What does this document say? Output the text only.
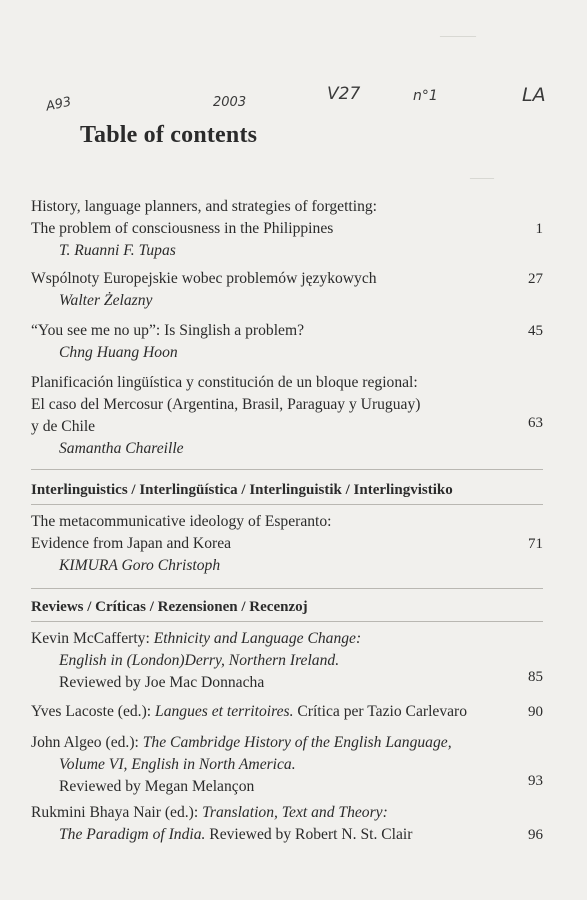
———
——
A93	2003	V27	n°1	LA
Table of contents
History, language planners, and strategies of forgetting:
The problem of consciousness in the Philippines
T. Ruanni F. Tupas
1
Wspólnoty Europejskie wobec problemów językowych
Walter Żelazny
27
“You see me no up”: Is Singlish a problem?
Chng Huang Hoon
45
Planificación lingüística y constitución de un bloque regional:
El caso del Mercosur (Argentina, Brasil, Paraguay y Uruguay)
y de Chile
Samantha Chareille
63
Interlinguistics / Interlingüística / Interlinguistik / Interlingvistiko
The metacommunicative ideology of Esperanto:
Evidence from Japan and Korea
KIMURA Goro Christoph
71
Reviews / Críticas / Rezensionen / Recenzoj
Kevin McCafferty: Ethnicity and Language Change:
English in (London)Derry, Northern Ireland.
Reviewed by Joe Mac Donnacha	85
Yves Lacoste (ed.): Langues et territoires. Crítica per Tazio Carlevaro	90
John Algeo (ed.): The Cambridge History of the English Language,
Volume VI, English in North America.
Reviewed by Megan Melançon	93
Rukmini Bhaya Nair (ed.): Translation, Text and Theory:
The Paradigm of India. Reviewed by Robert N. St. Clair	96
